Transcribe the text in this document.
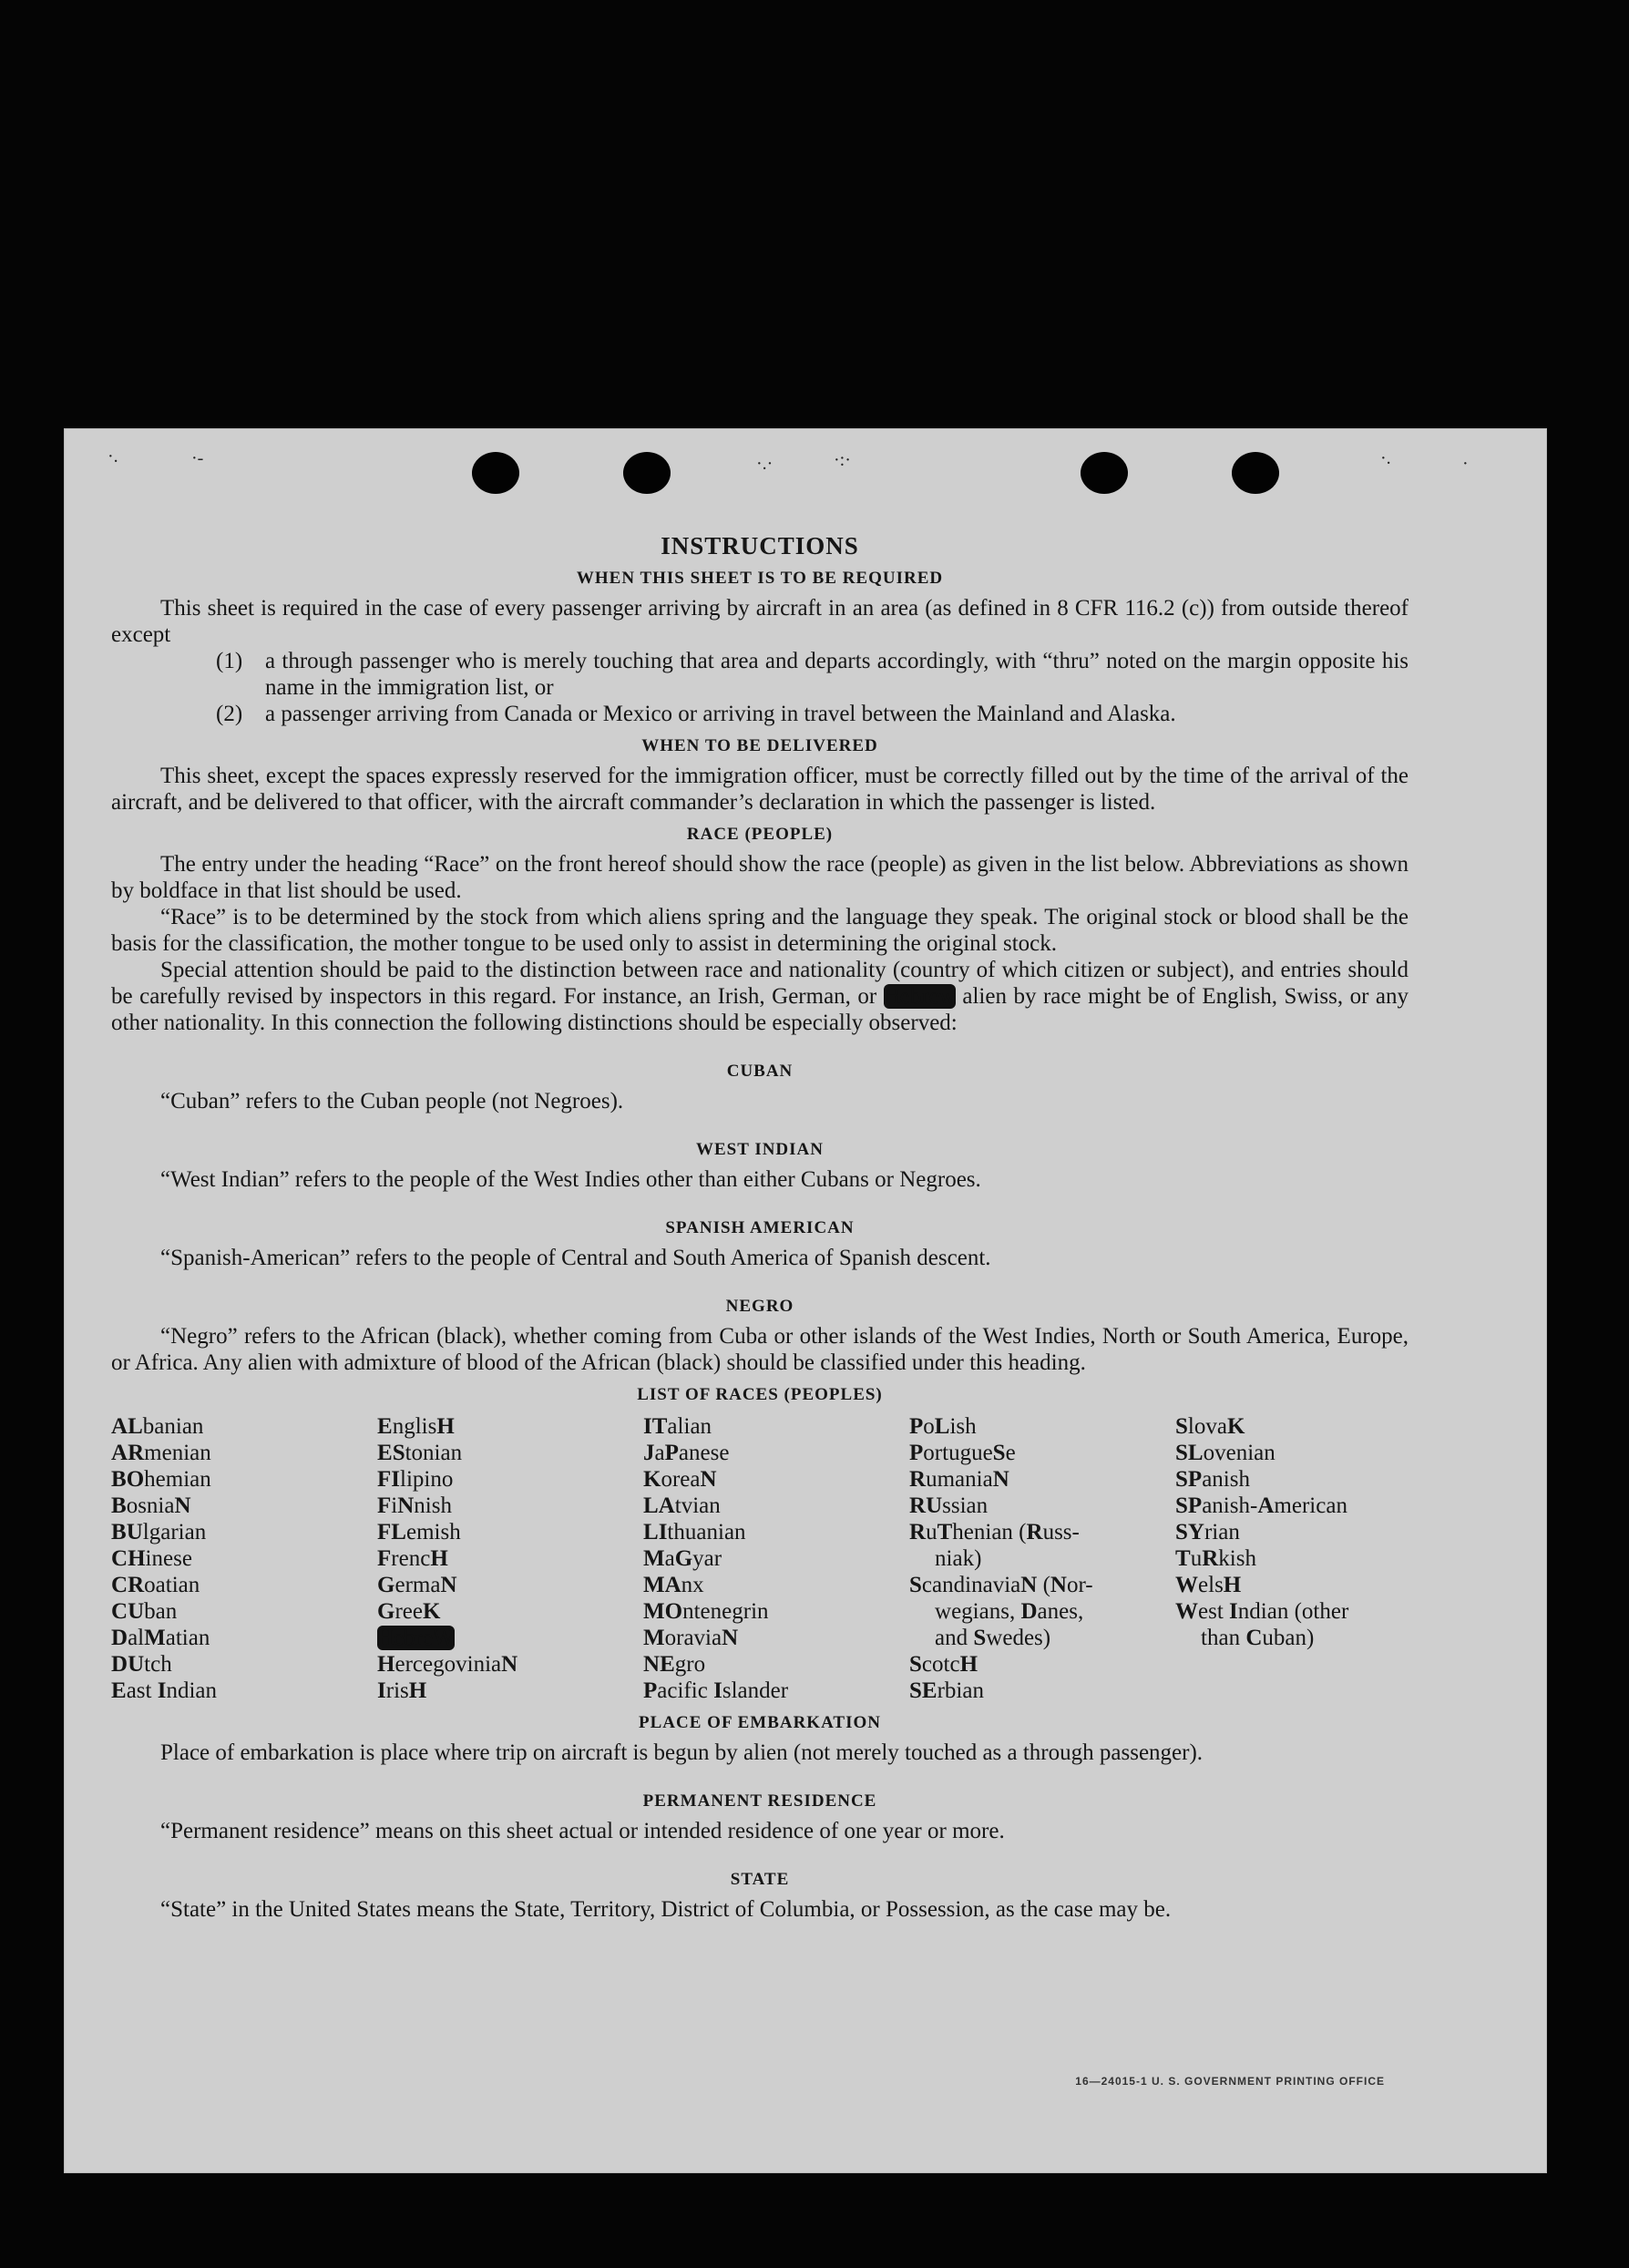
·.	·-	·.·	·:·	·.	·
INSTRUCTIONS
WHEN THIS SHEET IS TO BE REQUIRED

This sheet is required in the case of every passenger arriving by aircraft in an area (as defined in 8 CFR 116.2 (c)) from outside thereof except

(1) a through passenger who is merely touching that area and departs accordingly, with “thru” noted on the margin opposite his name in the immigration list, or
(2) a passenger arriving from Canada or Mexico or arriving in travel between the Mainland and Alaska.
WHEN TO BE DELIVERED

This sheet, except the spaces expressly reserved for the immigration officer, must be correctly filled out by the time of the arrival of the aircraft, and be delivered to that officer, with the aircraft commander’s declaration in which the passenger is listed.

RACE (PEOPLE)

The entry under the heading “Race” on the front hereof should show the race (people) as given in the list below. Abbreviations as shown by boldface in that list should be used.

“Race” is to be determined by the stock from which aliens spring and the language they speak. The original stock or blood shall be the basis for the classification, the mother tongue to be used only to assist in determining the original stock.

Special attention should be paid to the distinction between race and nationality (country of which citizen or subject), and entries should be carefully revised by inspectors in this regard. For instance, an Irish, German, or Hebrew alien by race might be of English, Swiss, or any other nationality. In this connection the following distinctions should be especially observed:

CUBAN

“Cuban” refers to the Cuban people (not Negroes).

WEST INDIAN

“West Indian” refers to the people of the West Indies other than either Cubans or Negroes.

SPANISH AMERICAN

“Spanish-American” refers to the people of Central and South America of Spanish descent.

NEGRO

“Negro” refers to the African (black), whether coming from Cuba or other islands of the West Indies, North or South America, Europe, or Africa. Any alien with admixture of blood of the African (black) should be classified under this heading.

LIST OF RACES (PEOPLES)
ALbanian
ARmenian
BOhemian
BosniaN
BUlgarian
CHinese
CRoatian
CUban
DalMatian
DUtch
East Indian
EnglisH
EStonian
FIlipino
FiNnish
FLemish
FrencH
GermaN
GreeK
HebreW
HercegoviniaN
IrisH
ITalian
JaPanese
KoreaN
LAtvian
LIthuanian
MaGyar
MAnx
MOntenegrin
MoraviaN
NEgro
Pacific Islander
PoLish
PortugueSe
RumaniaN
RUssian
RuThenian (Russ-
niak)
ScandinaviaN (Nor-
wegians, Danes,
and Swedes)
ScotcH
SErbian
SlovaK
SLovenian
SPanish
SPanish-American
SYrian
TuRkish
WelsH
West Indian (other
than Cuban)
PLACE OF EMBARKATION

Place of embarkation is place where trip on aircraft is begun by alien (not merely touched as a through passenger).

PERMANENT RESIDENCE

“Permanent residence” means on this sheet actual or intended residence of one year or more.

STATE

“State” in the United States means the State, Territory, District of Columbia, or Possession, as the case may be.

16—24015-1 U. S. GOVERNMENT PRINTING OFFICE
